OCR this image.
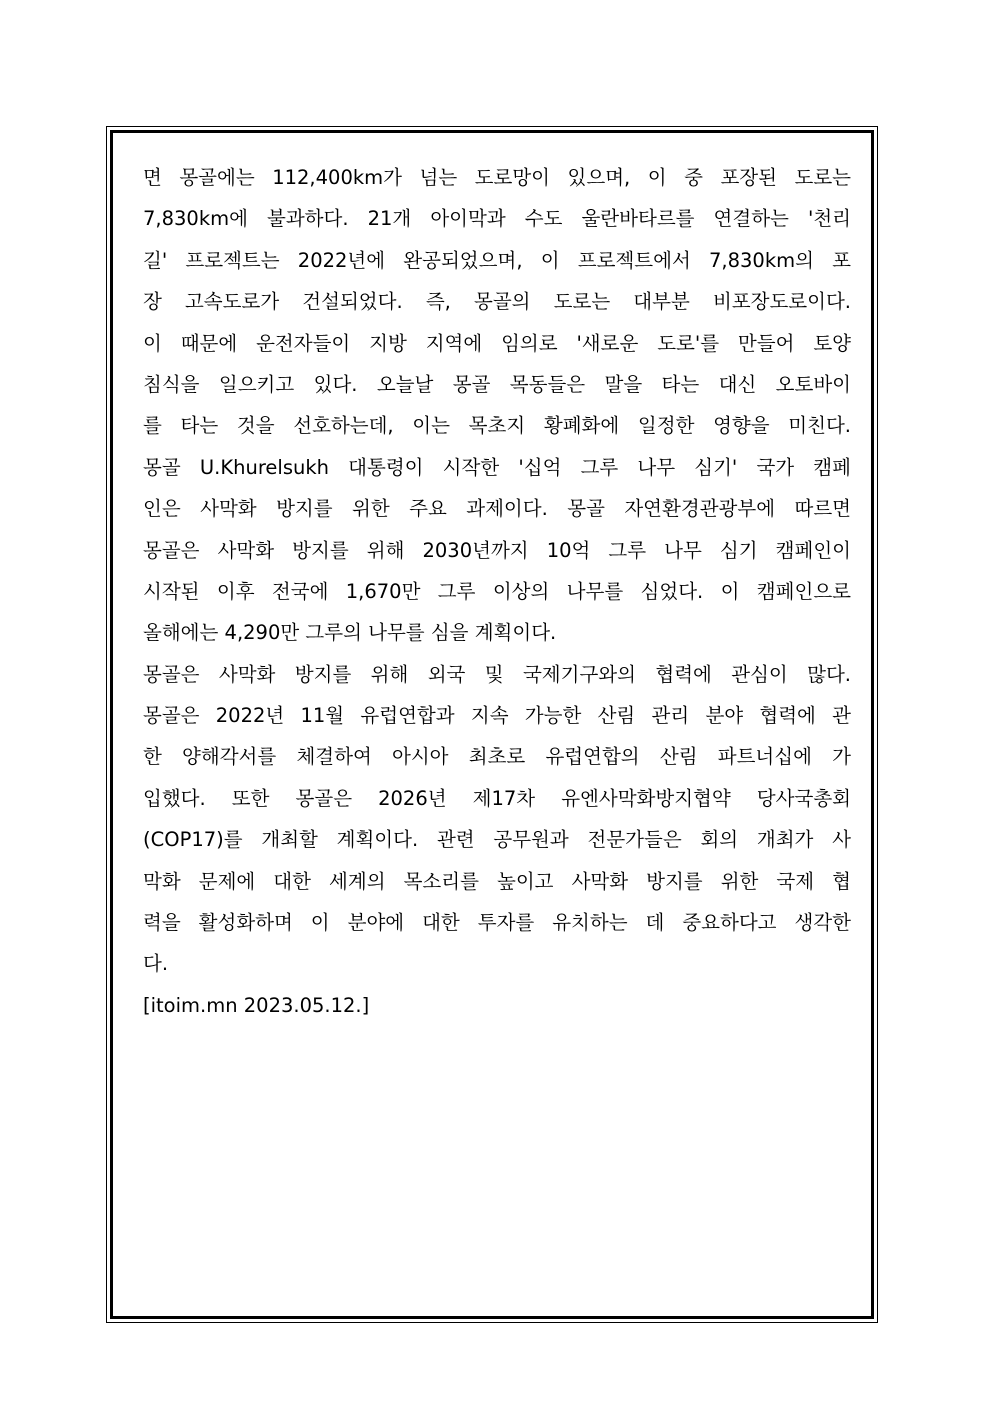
면 몽골에는 112,400km가 넘는 도로망이 있으며, 이 중 포장된 도로는
7,830km에 불과하다. 21개 아이막과 수도 울란바타르를 연결하는 '천리
길' 프로젝트는 2022년에 완공되었으며, 이 프로젝트에서 7,830km의 포
장 고속도로가 건설되었다. 즉, 몽골의 도로는 대부분 비포장도로이다.
이 때문에 운전자들이 지방 지역에 임의로 '새로운 도로'를 만들어 토양
침식을 일으키고 있다. 오늘날 몽골 목동들은 말을 타는 대신 오토바이
를 타는 것을 선호하는데, 이는 목초지 황폐화에 일정한 영향을 미친다.
몽골 U.Khurelsukh 대통령이 시작한 '십억 그루 나무 심기' 국가 캠페
인은 사막화 방지를 위한 주요 과제이다. 몽골 자연환경관광부에 따르면
몽골은 사막화 방지를 위해 2030년까지 10억 그루 나무 심기 캠페인이
시작된 이후 전국에 1,670만 그루 이상의 나무를 심었다. 이 캠페인으로
올해에는 4,290만 그루의 나무를 심을 계획이다.
몽골은 사막화 방지를 위해 외국 및 국제기구와의 협력에 관심이 많다.
몽골은 2022년 11월 유럽연합과 지속 가능한 산림 관리 분야 협력에 관
한 양해각서를 체결하여 아시아 최초로 유럽연합의 산림 파트너십에 가
입했다. 또한 몽골은 2026년 제17차 유엔사막화방지협약 당사국총회
(COP17)를 개최할 계획이다. 관련 공무원과 전문가들은 회의 개최가 사
막화 문제에 대한 세계의 목소리를 높이고 사막화 방지를 위한 국제 협
력을 활성화하며 이 분야에 대한 투자를 유치하는 데 중요하다고 생각한
다.
[itoim.mn 2023.05.12.]
